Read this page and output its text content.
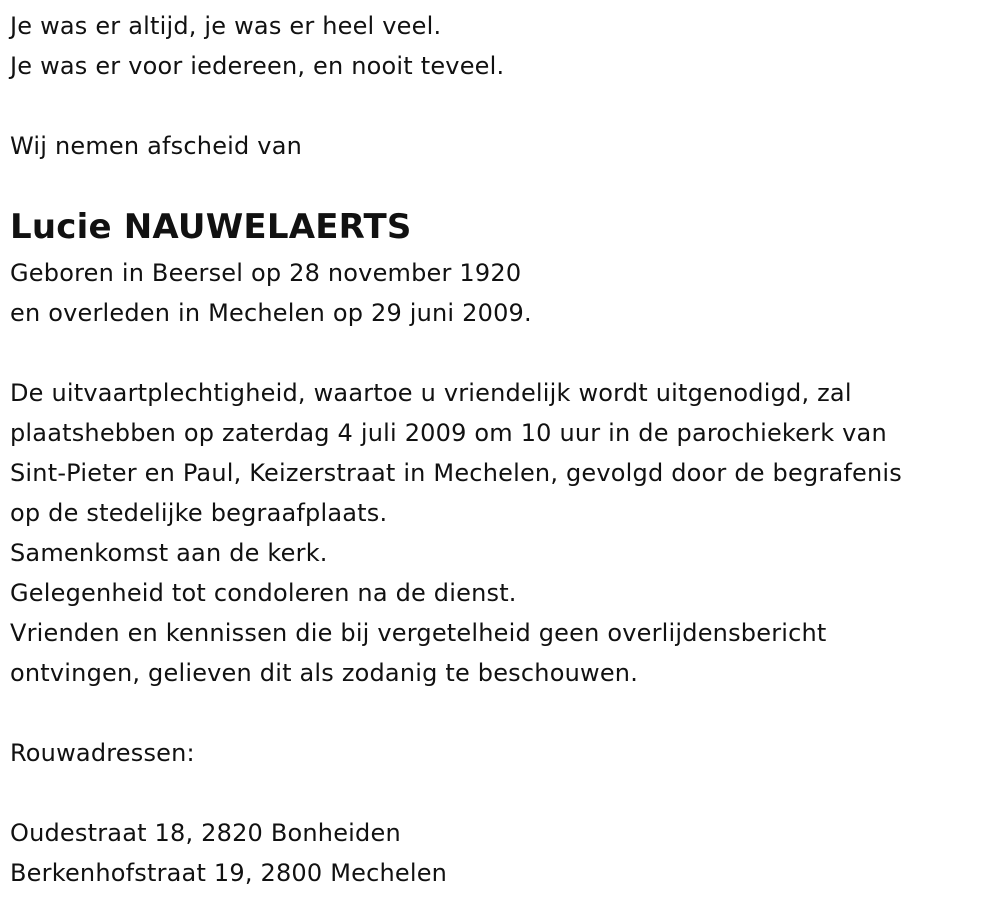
Je was er altijd, je was er heel veel.
Je was er voor iedereen, en nooit teveel.
Wij nemen afscheid van
Lucie NAUWELAERTS
Geboren in Beersel op 28 november 1920
en overleden in Mechelen op 29 juni 2009.
De uitvaartplechtigheid, waartoe u vriendelijk wordt uitgenodigd, zal
plaatshebben op zaterdag 4 juli 2009 om 10 uur in de parochiekerk van
Sint-Pieter en Paul, Keizerstraat in Mechelen, gevolgd door de begrafenis
op de stedelijke begraafplaats.
Samenkomst aan de kerk.
Gelegenheid tot condoleren na de dienst.
Vrienden en kennissen die bij vergetelheid geen overlijdensbericht
ontvingen, gelieven dit als zodanig te beschouwen.
Rouwadressen:
Oudestraat 18, 2820 Bonheiden
Berkenhofstraat 19, 2800 Mechelen
